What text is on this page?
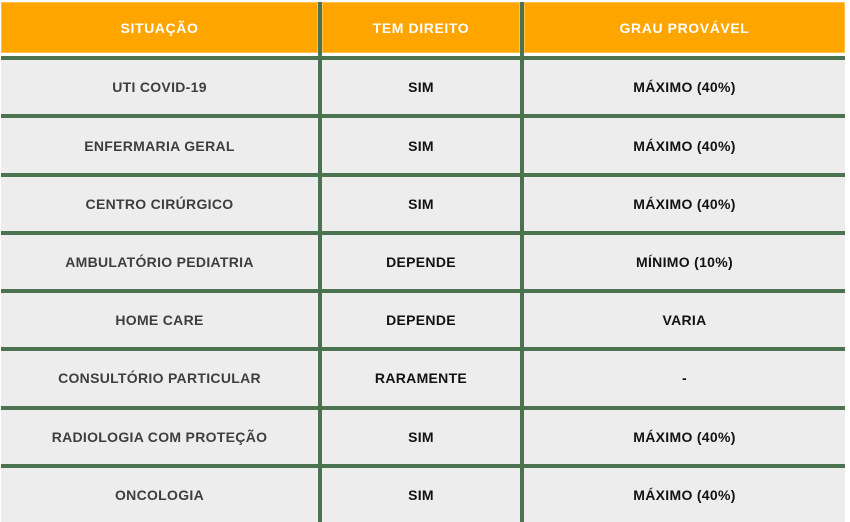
SITUAÇÃO	TEM DIREITO	GRAU PROVÁVEL
UTI COVID-19	SIM	MÁXIMO (40%)
ENFERMARIA GERAL	SIM	MÁXIMO (40%)
CENTRO CIRÚRGICO	SIM	MÁXIMO (40%)
AMBULATÓRIO PEDIATRIA	DEPENDE	MÍNIMO (10%)
HOME CARE	DEPENDE	VARIA
CONSULTÓRIO PARTICULAR	RARAMENTE	-
RADIOLOGIA COM PROTEÇÃO	SIM	MÁXIMO (40%)
ONCOLOGIA	SIM	MÁXIMO (40%)
